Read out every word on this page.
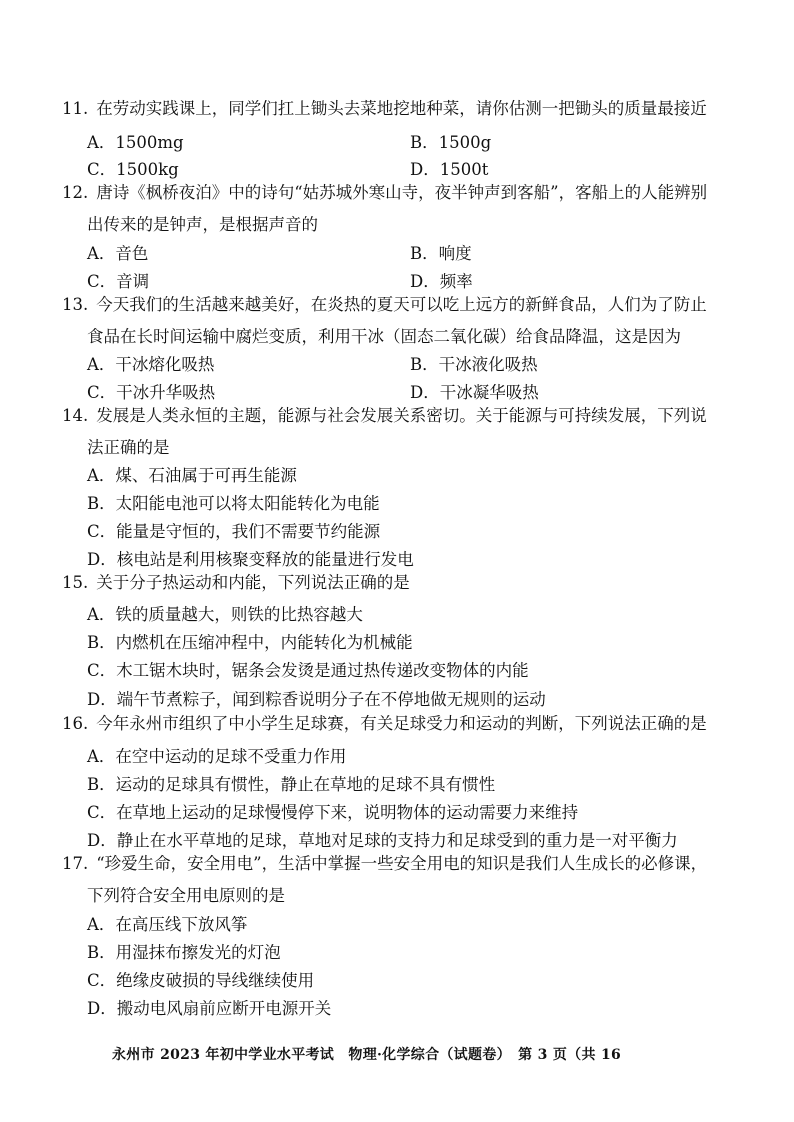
11. 在劳动实践课上，同学们扛上锄头去菜地挖地种菜，请你估测一把锄头的质量最接近
A．1500mg	B．1500g
C．1500kg	D．1500t
12. 唐诗《枫桥夜泊》中的诗句“姑苏城外寒山寺，夜半钟声到客船”，客船上的人能辨别
出传来的是钟声，是根据声音的
A．音色	B．响度
C．音调	D．频率
13. 今天我们的生活越来越美好，在炎热的夏天可以吃上远方的新鲜食品，人们为了防止
食品在长时间运输中腐烂变质，利用干冰（固态二氧化碳）给食品降温，这是因为
A．干冰熔化吸热	B．干冰液化吸热
C．干冰升华吸热	D．干冰凝华吸热
14. 发展是人类永恒的主题，能源与社会发展关系密切。关于能源与可持续发展，下列说
法正确的是
A．煤、石油属于可再生能源
B．太阳能电池可以将太阳能转化为电能
C．能量是守恒的，我们不需要节约能源
D．核电站是利用核聚变释放的能量进行发电
15. 关于分子热运动和内能，下列说法正确的是
A．铁的质量越大，则铁的比热容越大
B．内燃机在压缩冲程中，内能转化为机械能
C．木工锯木块时，锯条会发烫是通过热传递改变物体的内能
D．端午节煮粽子，闻到粽香说明分子在不停地做无规则的运动
16. 今年永州市组织了中小学生足球赛，有关足球受力和运动的判断，下列说法正确的是
A．在空中运动的足球不受重力作用
B．运动的足球具有惯性，静止在草地的足球不具有惯性
C．在草地上运动的足球慢慢停下来，说明物体的运动需要力来维持
D．静止在水平草地的足球，草地对足球的支持力和足球受到的重力是一对平衡力
17. “珍爱生命，安全用电”，生活中掌握一些安全用电的知识是我们人生成长的必修课，
下列符合安全用电原则的是
A．在高压线下放风筝
B．用湿抹布擦发光的灯泡
C．绝缘皮破损的导线继续使用
D．搬动电风扇前应断开电源开关
永州市 2023 年初中学业水平考试　物理·化学综合（试题卷）　第 3 页（共 16
